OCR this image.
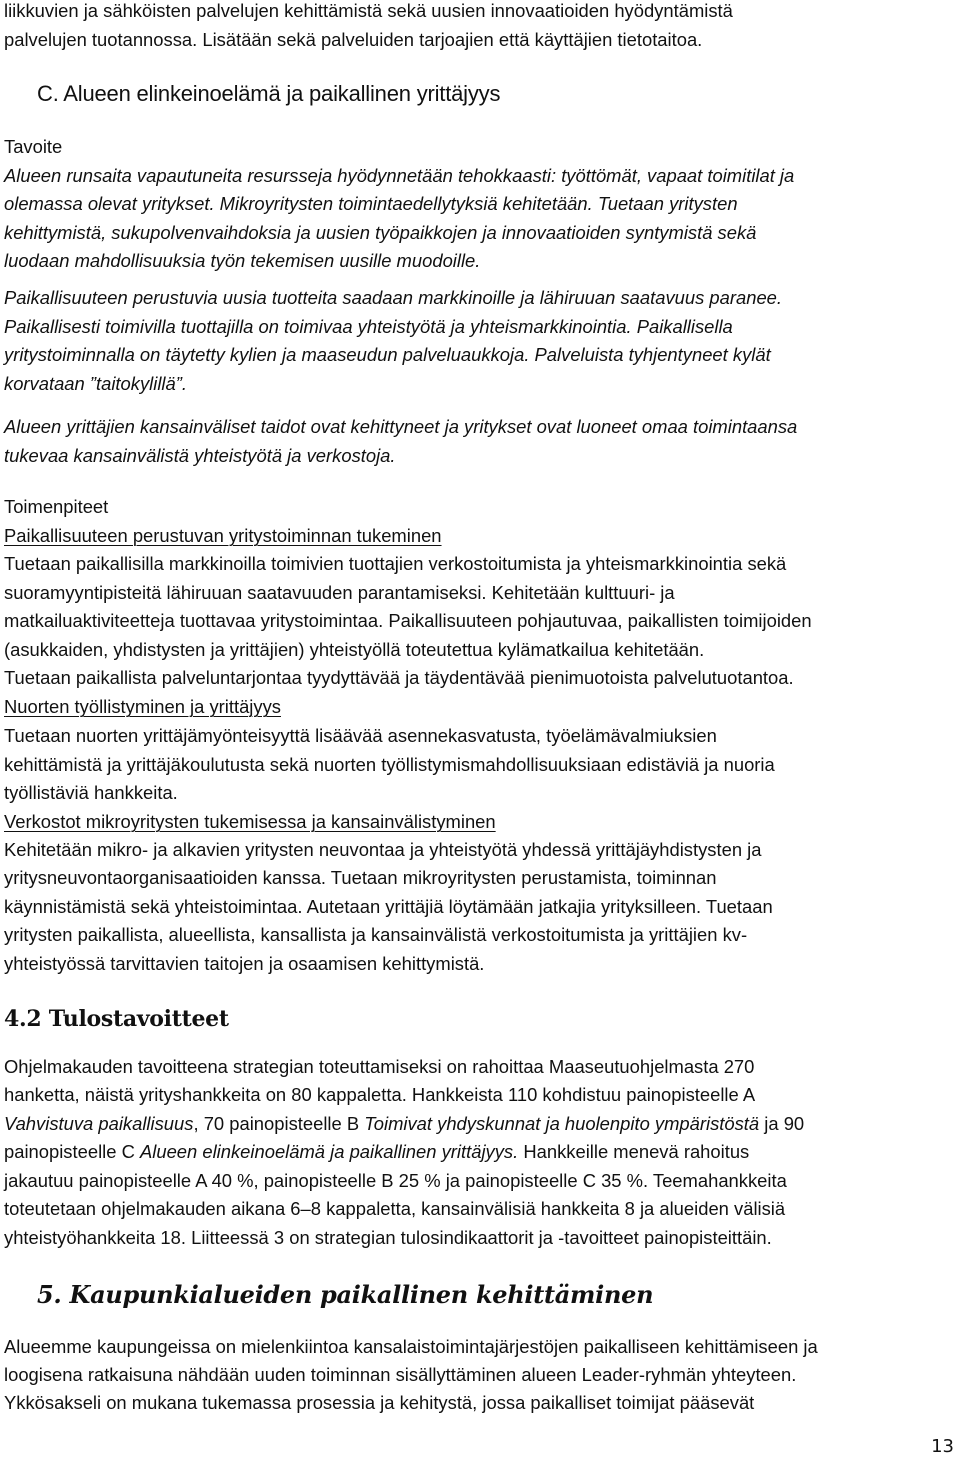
liikkuvien ja sähköisten palvelujen kehittämistä sekä uusien innovaatioiden hyödyntämistä
palvelujen tuotannossa. Lisätään sekä palveluiden tarjoajien että käyttäjien tietotaitoa.
C. Alueen elinkeinoelämä ja paikallinen yrittäjyys
Tavoite
Alueen runsaita vapautuneita resursseja hyödynnetään tehokkaasti: työttömät, vapaat toimitilat ja
olemassa olevat yritykset. Mikroyritysten toimintaedellytyksiä kehitetään. Tuetaan yritysten
kehittymistä, sukupolvenvaihdoksia ja uusien työpaikkojen ja innovaatioiden syntymistä sekä
luodaan mahdollisuuksia työn tekemisen uusille muodoille.
Paikallisuuteen perustuvia uusia tuotteita saadaan markkinoille ja lähiruuan saatavuus paranee.
Paikallisesti toimivilla tuottajilla on toimivaa yhteistyötä ja yhteismarkkinointia. Paikallisella
yritystoiminnalla on täytetty kylien ja maaseudun palveluaukkoja. Palveluista tyhjentyneet kylät
korvataan ”taitokylillä”.
Alueen yrittäjien kansainväliset taidot ovat kehittyneet ja yritykset ovat luoneet omaa toimintaansa
tukevaa kansainvälistä yhteistyötä ja verkostoja.
Toimenpiteet
Paikallisuuteen perustuvan yritystoiminnan tukeminen
Tuetaan paikallisilla markkinoilla toimivien tuottajien verkostoitumista ja yhteismarkkinointia sekä
suoramyyntipisteitä lähiruuan saatavuuden parantamiseksi. Kehitetään kulttuuri- ja
matkailuaktiviteetteja tuottavaa yritystoimintaa. Paikallisuuteen pohjautuvaa, paikallisten toimijoiden
(asukkaiden, yhdistysten ja yrittäjien) yhteistyöllä toteutettua kylämatkailua kehitetään.
Tuetaan paikallista palveluntarjontaa tyydyttävää ja täydentävää pienimuotoista palvelutuotantoa.
Nuorten työllistyminen ja yrittäjyys
Tuetaan nuorten yrittäjämyönteisyyttä lisäävää asennekasvatusta, työelämävalmiuksien
kehittämistä ja yrittäjäkoulutusta sekä nuorten työllistymismahdollisuuksiaan edistäviä ja nuoria
työllistäviä hankkeita.
Verkostot mikroyritysten tukemisessa ja kansainvälistyminen
Kehitetään mikro- ja alkavien yritysten neuvontaa ja yhteistyötä yhdessä yrittäjäyhdistysten ja
yritysneuvontaorganisaatioiden kanssa. Tuetaan mikroyritysten perustamista, toiminnan
käynnistämistä sekä yhteistoimintaa. Autetaan yrittäjiä löytämään jatkajia yrityksilleen. Tuetaan
yritysten paikallista, alueellista, kansallista ja kansainvälistä verkostoitumista ja yrittäjien kv-
yhteistyössä tarvittavien taitojen ja osaamisen kehittymistä.
4.2 Tulostavoitteet
Ohjelmakauden tavoitteena strategian toteuttamiseksi on rahoittaa Maaseutuohjelmasta 270
hanketta, näistä yrityshankkeita on 80 kappaletta. Hankkeista 110 kohdistuu painopisteelle A
Vahvistuva paikallisuus, 70 painopisteelle B Toimivat yhdyskunnat ja huolenpito ympäristöstä ja 90
painopisteelle C Alueen elinkeinoelämä ja paikallinen yrittäjyys. Hankkeille menevä rahoitus
jakautuu painopisteelle A 40 %, painopisteelle B 25 % ja painopisteelle C 35 %. Teemahankkeita
toteutetaan ohjelmakauden aikana 6–8 kappaletta, kansainvälisiä hankkeita 8 ja alueiden välisiä
yhteistyöhankkeita 18. Liitteessä 3 on strategian tulosindikaattorit ja -tavoitteet painopisteittäin.
5. Kaupunkialueiden paikallinen kehittäminen
Alueemme kaupungeissa on mielenkiintoa kansalaistoimintajärjestöjen paikalliseen kehittämiseen ja
loogisena ratkaisuna nähdään uuden toiminnan sisällyttäminen alueen Leader-ryhmän yhteyteen.
Ykkösakseli on mukana tukemassa prosessia ja kehitystä, jossa paikalliset toimijat pääsevät
13
